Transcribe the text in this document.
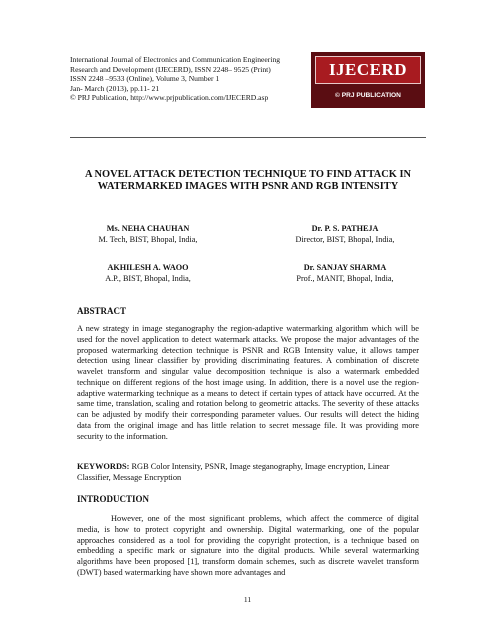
International Journal of Electronics and Communication Engineering
Research and Development (IJECERD), ISSN 2248– 9525 (Print)
ISSN 2248 –9533 (Online), Volume 3, Number 1
Jan- March (2013), pp.11- 21
© PRJ Publication, http://www.prjpublication.com/IJECERD.asp
IJECERD
© PRJ PUBLICATION
A NOVEL ATTACK DETECTION TECHNIQUE TO FIND ATTACK IN
WATERMARKED IMAGES WITH PSNR AND RGB INTENSITY
Ms. NEHA CHAUHAN
M. Tech, BIST, Bhopal, India,
Dr. P. S. PATHEJA
Director, BIST, Bhopal, India,
AKHILESH A. WAOO
A.P., BIST, Bhopal, India,
Dr. SANJAY SHARMA
Prof., MANIT, Bhopal, India,
ABSTRACT
A new strategy in image steganography the region-adaptive watermarking algorithm which will be used for the novel application to detect watermark attacks. We propose the major advantages of the proposed watermarking detection technique is PSNR and RGB Intensity value, it allows tamper detection using linear classifier by providing discriminating features. A combination of discrete wavelet transform and singular value decomposition technique is also a watermark embedded technique on different regions of the host image using. In addition, there is a novel use the region-adaptive watermarking technique as a means to detect if certain types of attack have occurred. At the same time, translation, scaling and rotation belong to geometric attacks. The severity of these attacks can be adjusted by modify their corresponding parameter values. Our results will detect the hiding data from the original image and has little relation to secret message file. It was providing more security to the information.
KEYWORDS: RGB Color Intensity, PSNR, Image steganography, Image encryption, Linear Classifier, Message Encryption
INTRODUCTION
However, one of the most significant problems, which affect the commerce of digital media, is how to protect copyright and ownership. Digital watermarking, one of the popular approaches considered as a tool for providing the copyright protection, is a technique based on embedding a specific mark or signature into the digital products. While several watermarking algorithms have been proposed [1], transform domain schemes, such as discrete wavelet transform (DWT) based watermarking have shown more advantages and
11
